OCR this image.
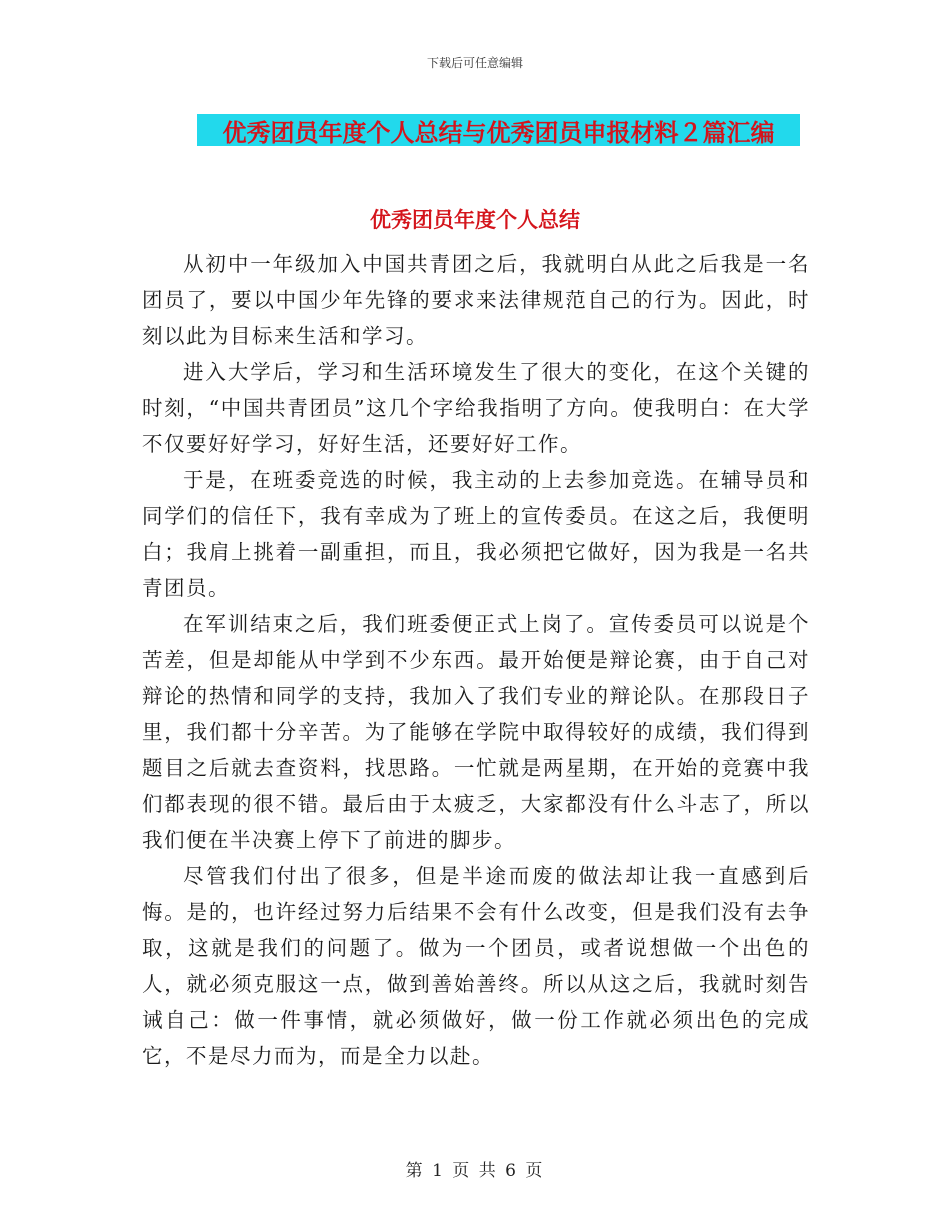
下载后可任意编辑
优秀团员年度个人总结与优秀团员申报材料２篇汇编
优秀团员年度个人总结

从初中一年级加入中国共青团之后，我就明白从此之后我是一名团员了，要以中国少年先锋的要求来法律规范自己的行为。因此，时刻以此为目标来生活和学习。

进入大学后，学习和生活环境发生了很大的变化，在这个关键的时刻，“中国共青团员”这几个字给我指明了方向。使我明白：在大学不仅要好好学习，好好生活，还要好好工作。

于是，在班委竞选的时候，我主动的上去参加竞选。在辅导员和同学们的信任下，我有幸成为了班上的宣传委员。在这之后，我便明白；我肩上挑着一副重担，而且，我必须把它做好，因为我是一名共青团员。

在军训结束之后，我们班委便正式上岗了。宣传委员可以说是个苦差，但是却能从中学到不少东西。最开始便是辩论赛，由于自己对辩论的热情和同学的支持，我加入了我们专业的辩论队。在那段日子里，我们都十分辛苦。为了能够在学院中取得较好的成绩，我们得到题目之后就去查资料，找思路。一忙就是两星期，在开始的竞赛中我们都表现的很不错。最后由于太疲乏，大家都没有什么斗志了，所以我们便在半决赛上停下了前进的脚步。

尽管我们付出了很多，但是半途而废的做法却让我一直感到后悔。是的，也许经过努力后结果不会有什么改变，但是我们没有去争取，这就是我们的问题了。做为一个团员，或者说想做一个出色的人，就必须克服这一点，做到善始善终。所以从这之后，我就时刻告诫自己：做一件事情，就必须做好，做一份工作就必须出色的完成它，不是尽力而为，而是全力以赴。

第 1 页 共 6 页
